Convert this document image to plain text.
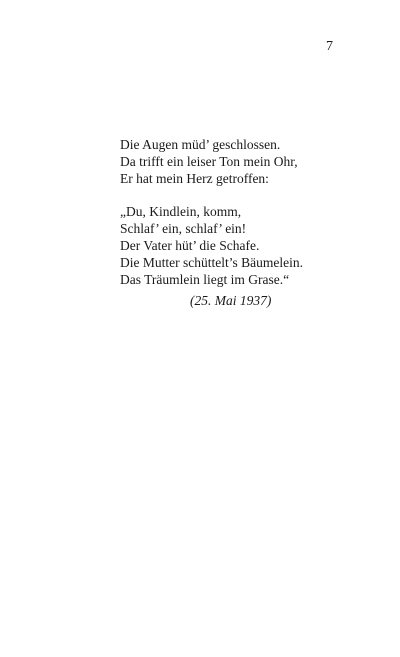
7

Die Augen müd’ geschlossen.
Da trifft ein leiser Ton mein Ohr,
Er hat mein Herz getroffen:

„Du, Kindlein, komm,
Schlaf’ ein, schlaf’ ein!
Der Vater hüt’ die Schafe.
Die Mutter schüttelt’s Bäumelein.
Das Träumlein liegt im Grase.“

(25. Mai 1937)
